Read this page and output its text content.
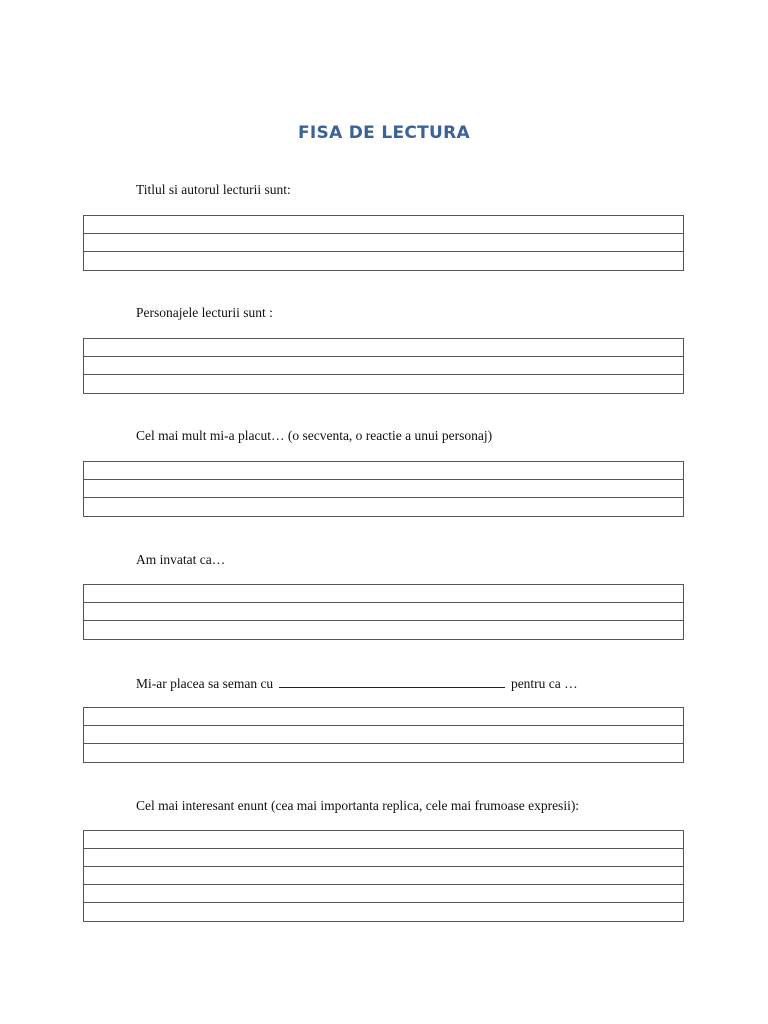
FISA DE LECTURA
Titlul si autorul lecturii sunt:
Personajele lecturii sunt :
Cel mai mult mi-a placut… (o secventa, o reactie a unui personaj)
Am invatat ca…
Mi-ar placea sa seman cu	pentru ca …
Cel mai interesant enunt (cea mai importanta replica, cele mai frumoase expresii):
